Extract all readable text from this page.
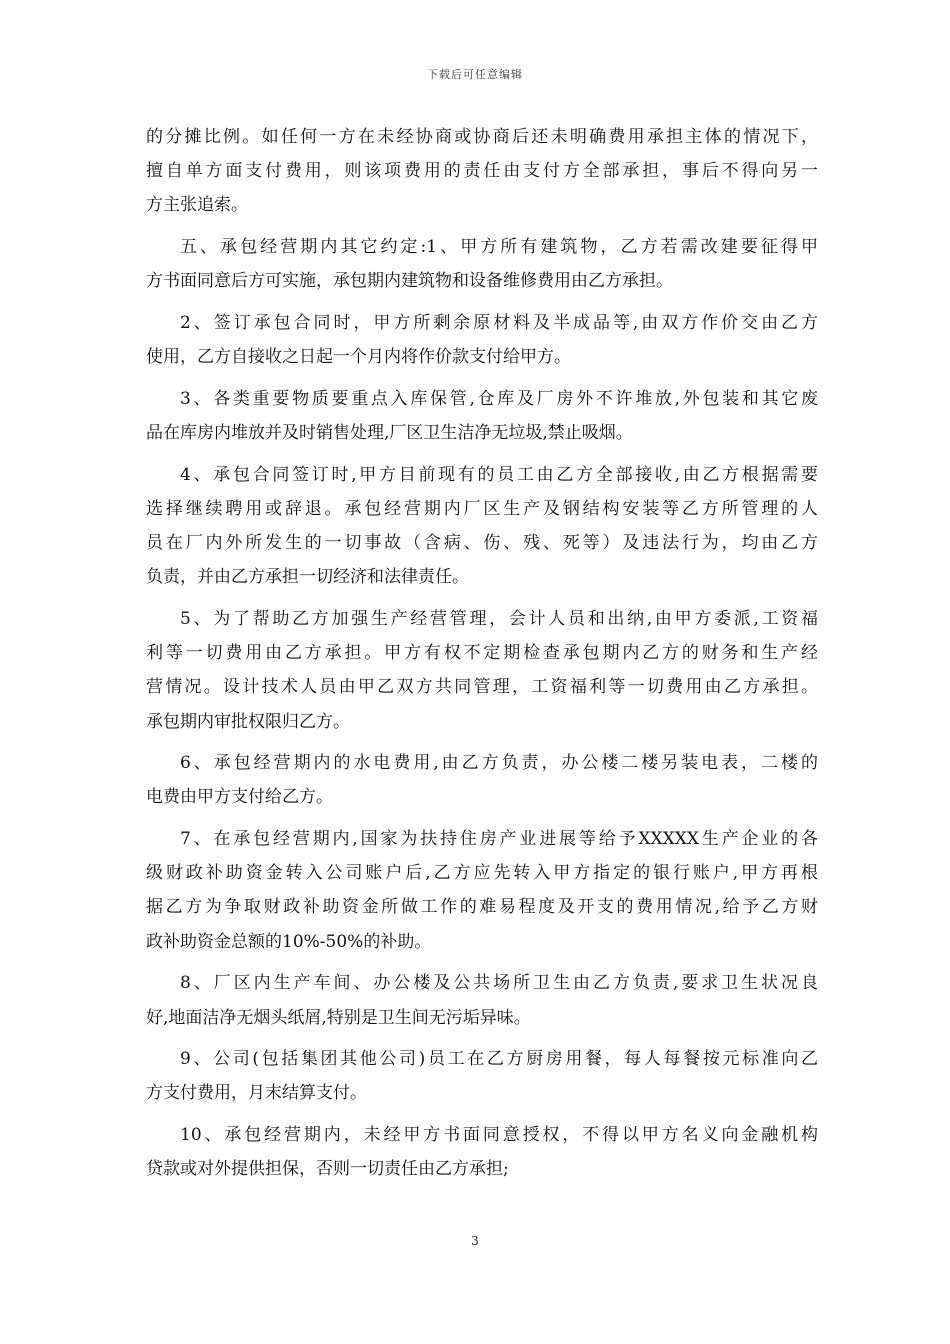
下载后可任意编辑
的分摊比例。如任何一方在未经协商或协商后还未明确费用承担主体的情况下，
擅自单方面支付费用，则该项费用的责任由支付方全部承担，事后不得向另一
方主张追索。
五、承包经营期内其它约定:1、甲方所有建筑物，乙方若需改建要征得甲
方书面同意后方可实施，承包期内建筑物和设备维修费用由乙方承担。
2、签订承包合同时，甲方所剩余原材料及半成品等,由双方作价交由乙方
使用，乙方自接收之日起一个月内将作价款支付给甲方。
3、各类重要物质要重点入库保管,仓库及厂房外不许堆放,外包装和其它废
品在库房内堆放并及时销售处理,厂区卫生洁净无垃圾,禁止吸烟。
4、承包合同签订时,甲方目前现有的员工由乙方全部接收,由乙方根据需要
选择继续聘用或辞退。承包经营期内厂区生产及钢结构安装等乙方所管理的人
员在厂内外所发生的一切事故（含病、伤、残、死等）及违法行为，均由乙方
负责，并由乙方承担一切经济和法律责任。
5、为了帮助乙方加强生产经营管理，会计人员和出纳,由甲方委派,工资福
利等一切费用由乙方承担。甲方有权不定期检查承包期内乙方的财务和生产经
营情况。设计技术人员由甲乙双方共同管理，工资福利等一切费用由乙方承担。
承包期内审批权限归乙方。
6、承包经营期内的水电费用,由乙方负责，办公楼二楼另装电表，二楼的
电费由甲方支付给乙方。
7、在承包经营期内,国家为扶持住房产业进展等给予XXXXX生产企业的各
级财政补助资金转入公司账户后,乙方应先转入甲方指定的银行账户,甲方再根
据乙方为争取财政补助资金所做工作的难易程度及开支的费用情况,给予乙方财
政补助资金总额的10%-50%的补助。
8、厂区内生产车间、办公楼及公共场所卫生由乙方负责,要求卫生状况良
好,地面洁净无烟头纸屑,特别是卫生间无污垢异味。
9、公司(包括集团其他公司)员工在乙方厨房用餐，每人每餐按元标准向乙
方支付费用，月末结算支付。
10、承包经营期内，未经甲方书面同意授权，不得以甲方名义向金融机构
贷款或对外提供担保，否则一切责任由乙方承担;
3
